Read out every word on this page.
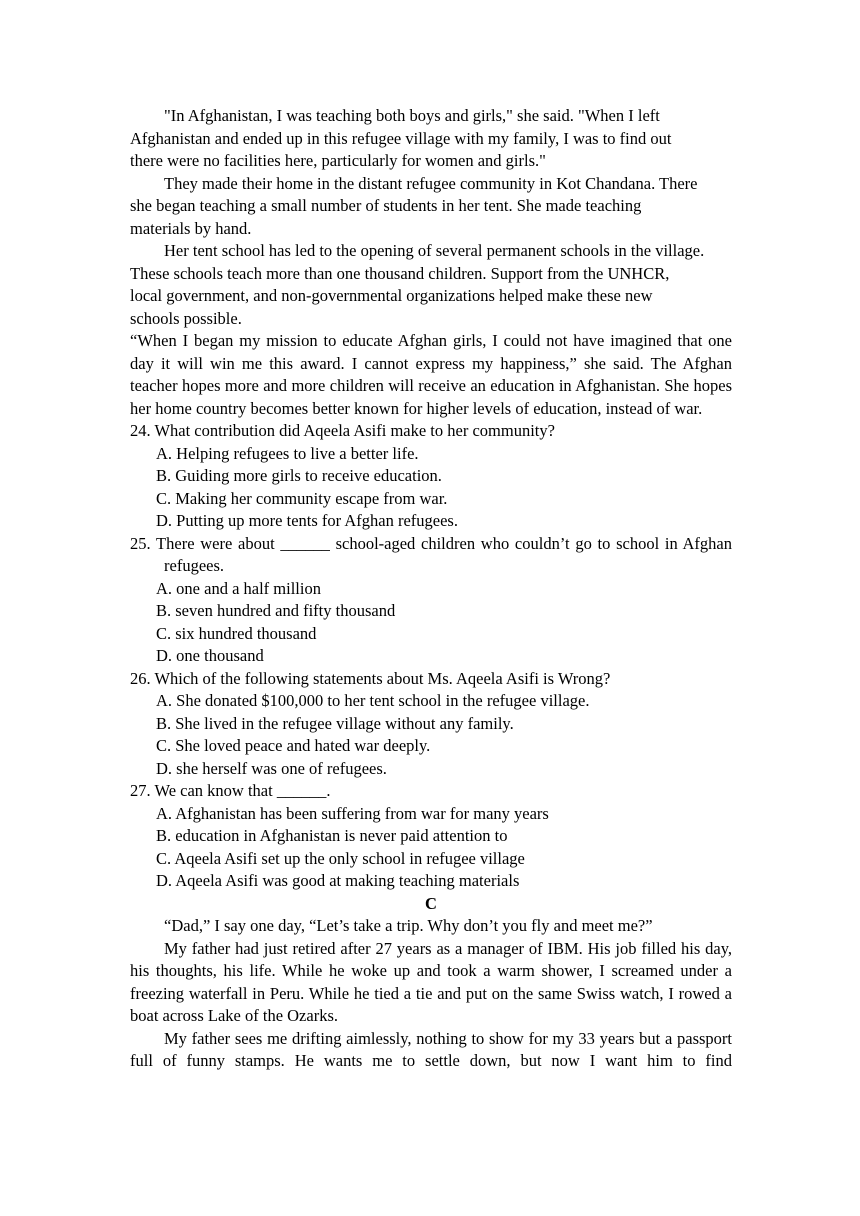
"In Afghanistan, I was teaching both boys and girls," she said. "When I left
Afghanistan and ended up in this refugee village with my family, I was to find out
there were no facilities here, particularly for women and girls."
They made their home in the distant refugee community in Kot Chandana. There
she began teaching a small number of students in her tent. She made teaching
materials by hand.
Her tent school has led to the opening of several permanent schools in the village.
These schools teach more than one thousand children. Support from the UNHCR,
local government, and non-governmental organizations helped make these new
schools possible.

“When I began my mission to educate Afghan girls, I could not have imagined that one day it will win me this award. I cannot express my happiness,” she said. The Afghan teacher hopes more and more children will receive an education in Afghanistan. She hopes her home country becomes better known for higher levels of education, instead of war.

24. What contribution did Aqeela Asifi make to her community?

A. Helping refugees to live a better life.

B. Guiding more girls to receive education.

C. Making her community escape from war.

D. Putting up more tents for Afghan refugees.

25. There were about ______ school-aged children who couldn’t go to school in Afghan refugees.

A. one and a half million

B. seven hundred and fifty thousand

C. six hundred thousand

D. one thousand

26. Which of the following statements about Ms. Aqeela Asifi is Wrong?

A. She donated $100,000 to her tent school in the refugee village.

B. She lived in the refugee village without any family.

C. She loved peace and hated war deeply.

D. she herself was one of refugees.

27. We can know that ______.

A. Afghanistan has been suffering from war for many years

B. education in Afghanistan is never paid attention to

C. Aqeela Asifi set up the only school in refugee village

D. Aqeela Asifi was good at making teaching materials

C

“Dad,” I say one day, “Let’s take a trip. Why don’t you fly and meet me?”

My father had just retired after 27 years as a manager of IBM. His job filled his day, his thoughts, his life. While he woke up and took a warm shower, I screamed under a freezing waterfall in Peru. While he tied a tie and put on the same Swiss watch, I rowed a boat across Lake of the Ozarks.

My father sees me drifting aimlessly, nothing to show for my 33 years but a passport full of funny stamps. He wants me to settle down, but now I want him to find
